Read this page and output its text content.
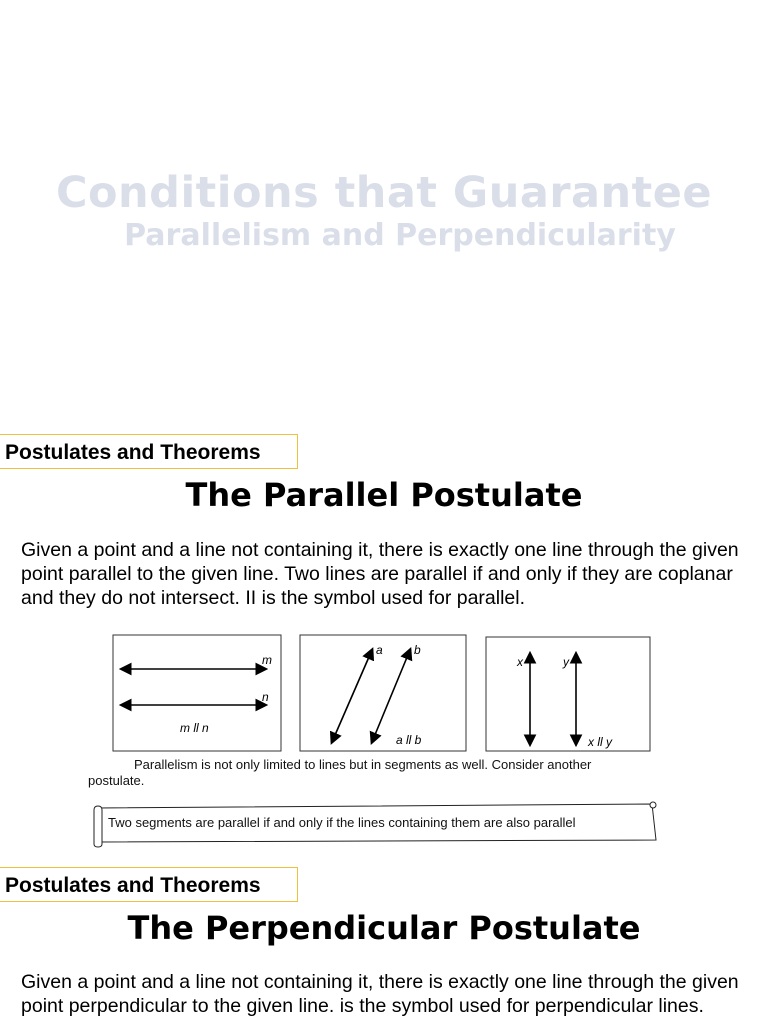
Conditions that Guarantee
Parallelism and Perpendicularity
Postulates and Theorems
The Parallel Postulate
Given a point and a line not containing it, there is exactly one line through the given point parallel to the given line. Two lines are parallel if and only if they are coplanar and they do not intersect. II is the symbol used for parallel.
m
n
m ll n
a	b
a ll b
x	y
x ll y
Parallelism is not only limited to lines but in segments as well. Consider another postulate.
Two segments are parallel if and only if the lines containing them are also parallel
Postulates and Theorems
The Perpendicular Postulate
Given a point and a line not containing it, there is exactly one line through the given point perpendicular to the given line. is the symbol used for perpendicular lines.
